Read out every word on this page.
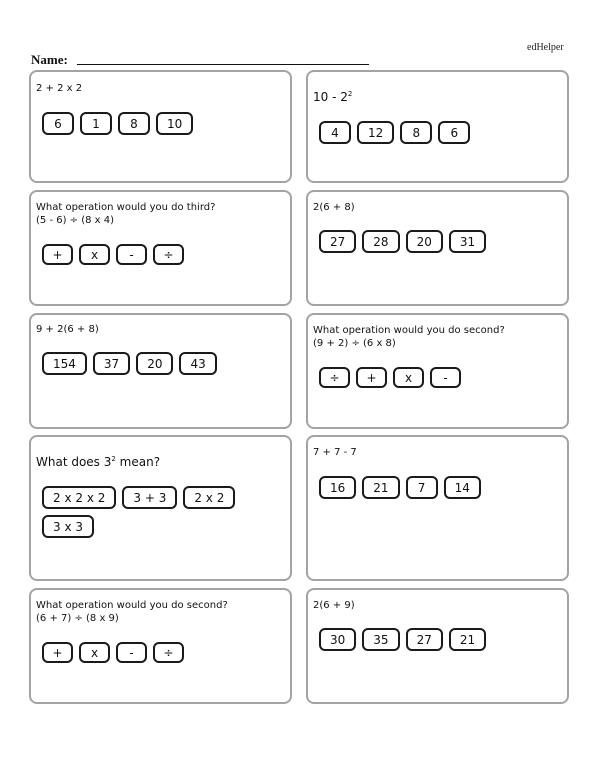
edHelper
Name:
2 + 2 x 2
6	1	8	10
$10 - 2^2$
4	12	8	6
What operation would you do third?
(5 - 6) ÷ (8 x 4)
+	x	-	÷
2(6 + 8)
27	28	20	31
9 + 2(6 + 8)
154	37	20	43
What operation would you do second?
(9 + 2) ÷ (6 x 8)
÷	+	x	-
What does $3^2$ mean?
2 x 2 x 2	3 + 3	2 x 2
3 x 3
7 + 7 - 7
16	21	7	14
What operation would you do second?
(6 + 7) ÷ (8 x 9)
+	x	-	÷
2(6 + 9)
30	35	27	21
